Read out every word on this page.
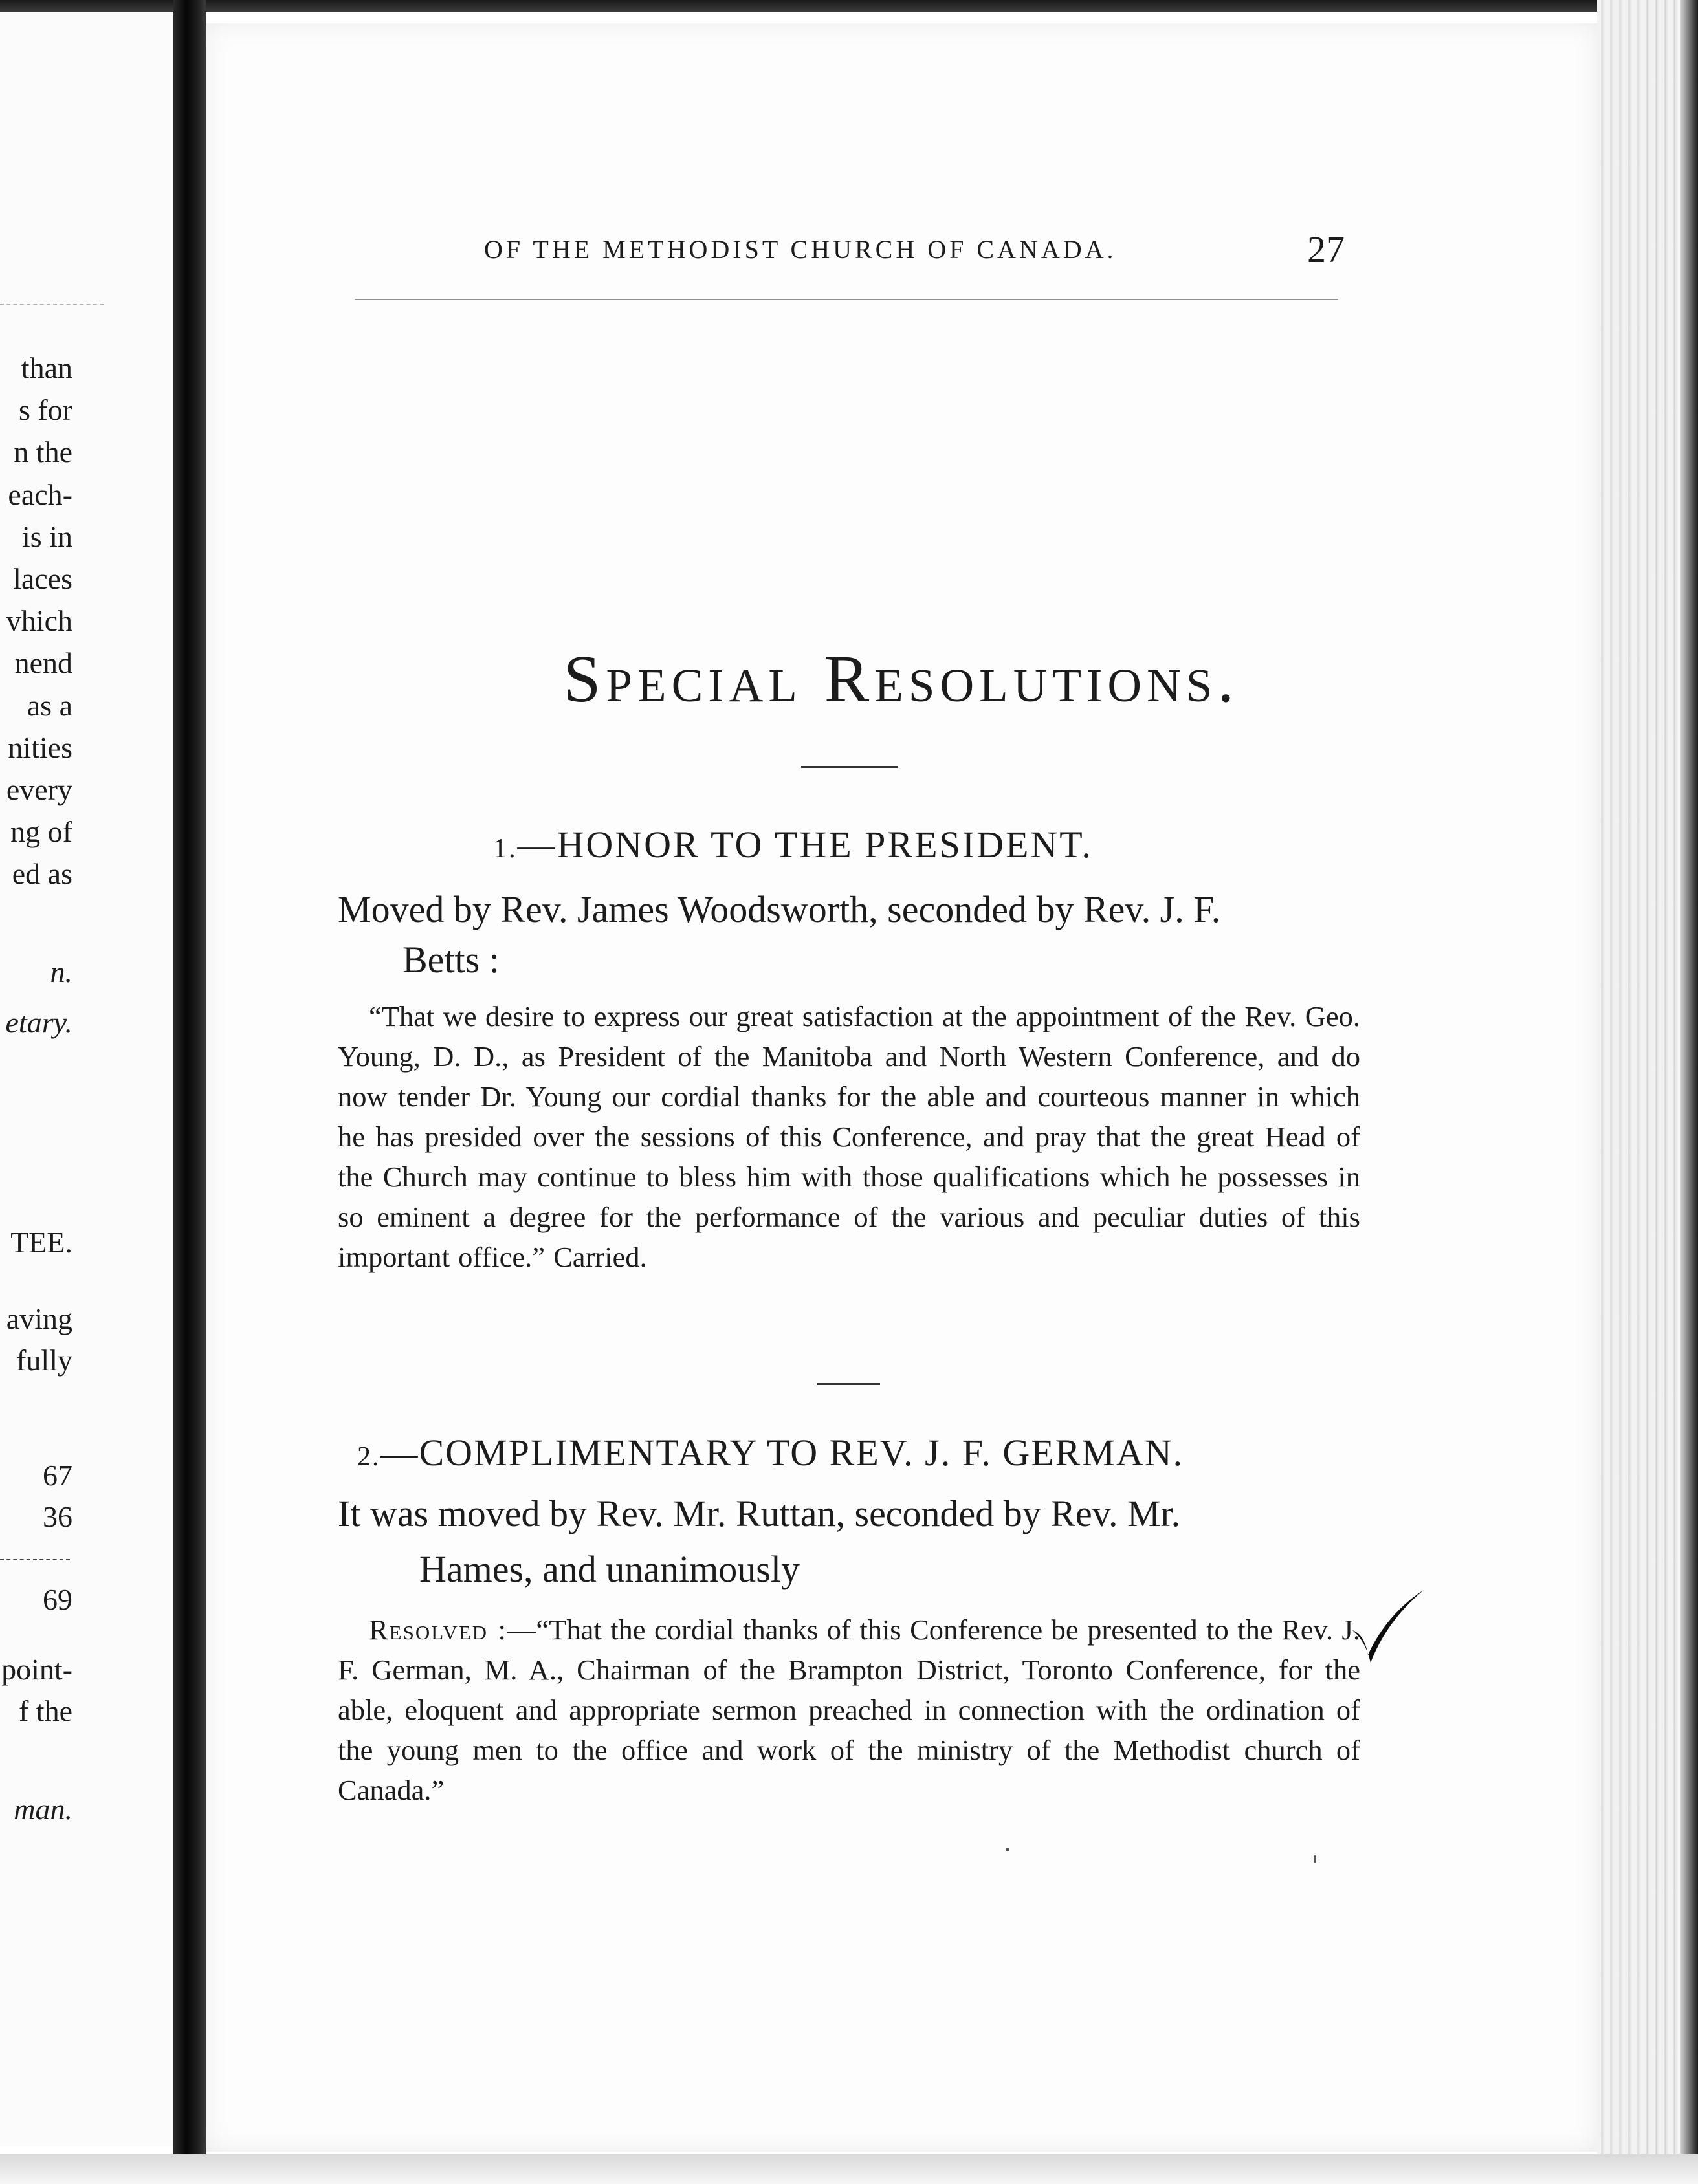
than
s for
n the
each-
is in
laces
vhich
nend
as a
nities
every
ng of
ed as
n.
etary.
TEE.
aving
fully
67
36
69
point-
f the
man.
OF THE METHODIST CHURCH OF CANADA.	27
Special Resolutions.
1.—HONOR TO THE PRESIDENT.
Moved by Rev. James Woodsworth, seconded by Rev. J. F.
Betts :
“That we desire to express our great satisfaction at the appointment of the Rev. Geo. Young, D. D., as President of the Manitoba and North Western Conference, and do now tender Dr. Young our cordial thanks for the able and courteous manner in which he has presided over the sessions of this Conference, and pray that the great Head of the Church may continue to bless him with those qualifications which he possesses in so eminent a degree for the performance of the various and peculiar duties of this important office.” Carried.
2.—COMPLIMENTARY TO REV. J. F. GERMAN.
It was moved by Rev. Mr. Ruttan, seconded by Rev. Mr.
Hames, and unanimously
Resolved :—“That the cordial thanks of this Conference be presented to the Rev. J. F. German, M. A., Chairman of the Brampton District, Toronto Conference, for the able, eloquent and appropriate sermon preached in connection with the ordination of the young men to the office and work of the ministry of the Methodist church of Canada.”
